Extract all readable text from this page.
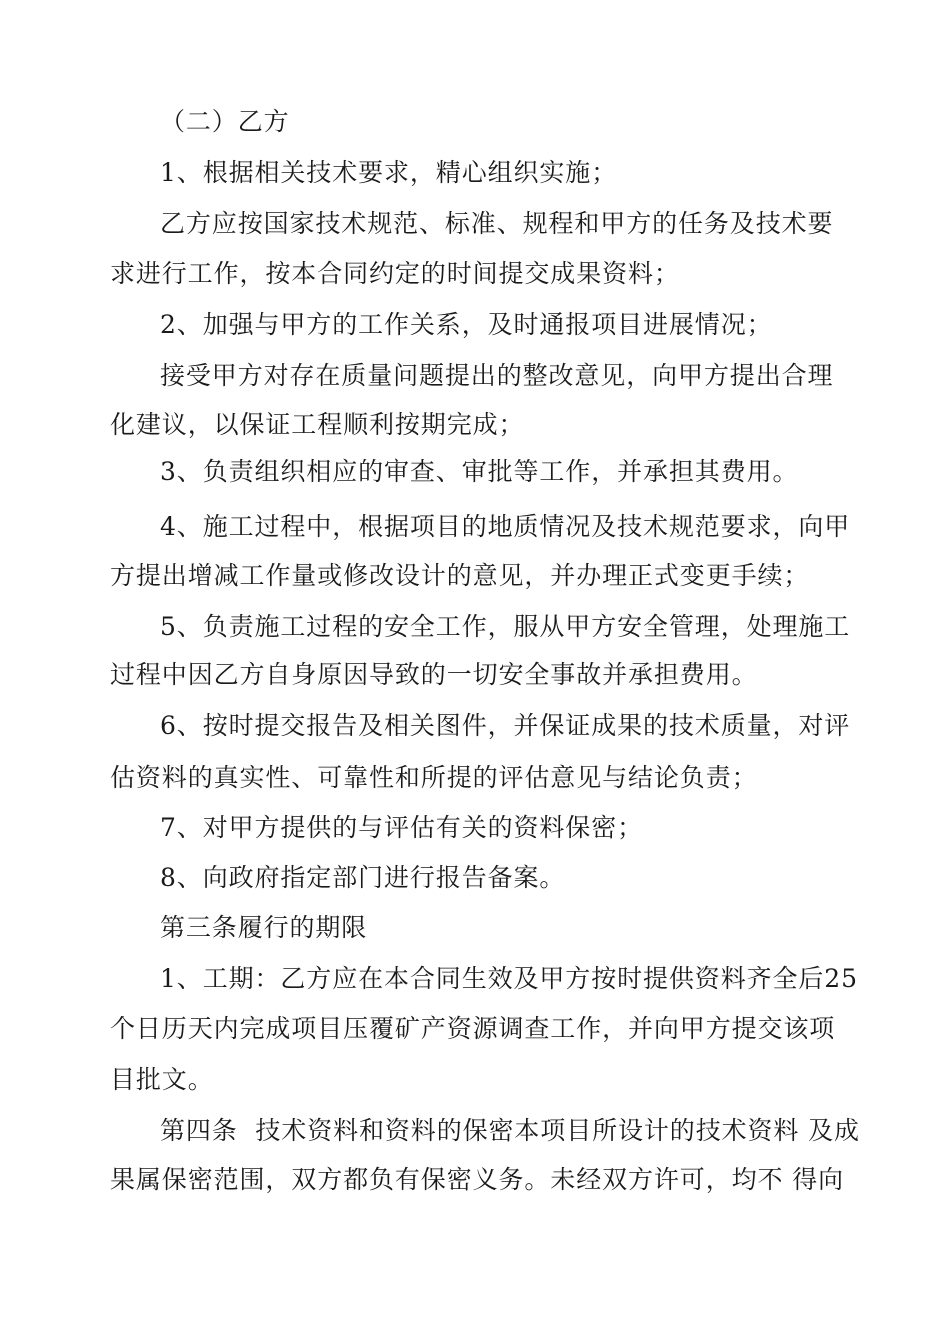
（二）乙方
1、根据相关技术要求，精心组织实施；
乙方应按国家技术规范、标准、规程和甲方的任务及技术要
求进行工作，按本合同约定的时间提交成果资料；
2、加强与甲方的工作关系，及时通报项目进展情况；
接受甲方对存在质量问题提出的整改意见，向甲方提出合理
化建议，以保证工程顺利按期完成；
3、负责组织相应的审查、审批等工作，并承担其费用。
4、施工过程中，根据项目的地质情况及技术规范要求，向甲
方提出增减工作量或修改设计的意见，并办理正式变更手续；
5、负责施工过程的安全工作，服从甲方安全管理，处理施工
过程中因乙方自身原因导致的一切安全事故并承担费用。
6、按时提交报告及相关图件，并保证成果的技术质量，对评
估资料的真实性、可靠性和所提的评估意见与结论负责；
7、对甲方提供的与评估有关的资料保密；
8、向政府指定部门进行报告备案。
第三条履行的期限
1、工期：乙方应在本合同生效及甲方按时提供资料齐全后25
个日历天内完成项目压覆矿产资源调查工作，并向甲方提交该项
目批文。
第四条  技术资料和资料的保密本项目所设计的技术资料 及成
果属保密范围，双方都负有保密义务。未经双方许可，均不 得向
